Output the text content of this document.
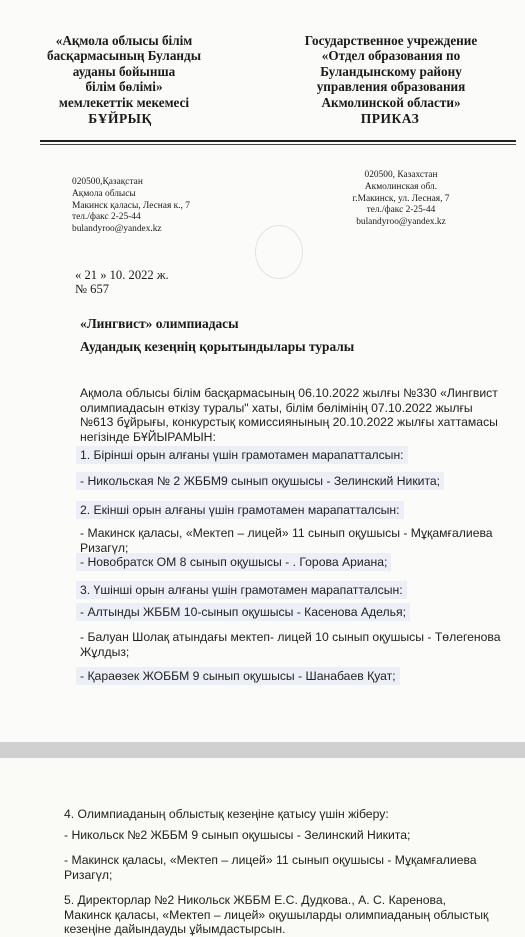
«Ақмола облысы білім
басқармасының Буланды
ауданы бойынша
білім бөлімі»
мемлекеттік мекемесі
БҰЙРЫҚ
Государственное учреждение
«Отдел образования по
Буландынскому району
управления образования
Акмолинской области»
ПРИКАЗ
020500,Қазақстан
Ақмола облысы
Макинск қаласы, Лесная к., 7
тел./факс 2-25-44
bulandyroo@yandex.kz
020500, Казахстан
Акмолинская обл.
г.Макинск, ул. Лесная, 7
тел./факс 2-25-44
bulandyroo@yandex.kz
« 21 » 10. 2022 ж.
№ 657
«Лингвист» олимпиадасы
Аудандық кезеңнің қорытындылары туралы
Ақмола облысы білім басқармасының 06.10.2022 жылғы №330 «Лингвист олимпиадасын өткізу туралы" хаты, білім бөлімінің 07.10.2022 жылғы №613 бұйрығы, конкурстық комиссиянының 20.10.2022 жылғы хаттамасы негізінде БҰЙЫРАМЫН:
1. Бірінші орын алғаны үшін грамотамен марапатталсын:
- Никольская № 2 ЖББМ9 сынып оқушысы - Зелинский Никита;
2. Екінші орын алғаны үшін грамотамен марапатталсын:
- Макинск қаласы, «Мектеп – лицей» 11 сынып оқушысы - Мұқамғалиева Ризагүл;
- Новобратск ОМ 8 сынып оқушысы - . Горова Ариана;
3. Үшінші орын алғаны үшін грамотамен марапатталсын:
- Алтынды ЖББМ 10-сынып оқушысы - Касенова Аделья;
- Балуан Шолақ атындағы мектеп- лицей 10 сынып оқушысы - Төлегенова Жұлдыз;
- Қараөзек ЖОББМ 9 сынып оқушысы - Шанабаев Қуат;
4. Олимпиаданың облыстық кезеңіне қатысу үшін жіберу:
- Никольск №2 ЖББМ 9 сынып оқушысы - Зелинский Никита;
- Макинск қаласы, «Мектеп – лицей» 11 сынып оқушысы - Мұқамғалиева Ризагүл;
5. Директорлар №2 Никольск ЖББМ Е.С. Дудкова., А. С. Каренова, Макинск қаласы, «Мектеп – лицей» оқушыларды олимпиаданың облыстық кезеңіне дайындауды ұйымдастырсын.
